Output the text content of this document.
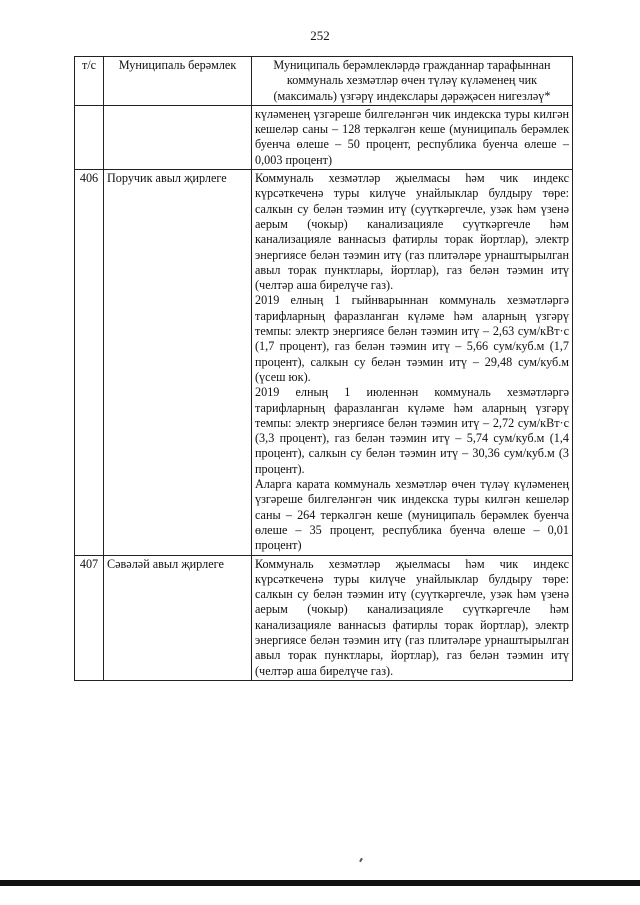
252
т/с	Муниципаль берәмлек	Муниципаль берәмлекләрдә гражданнар тарафыннан коммуналь хезмәтләр өчен түләү күләменең чик (максималь) үзгәрү индекслары дәрәҗәсен нигезләү*

		күләменең үзгәреше билгеләнгән чик индекска туры килгән кешеләр саны – 128 теркәлгән кеше (муниципаль берәмлек буенча өлеше – 50 процент, республика буенча өлеше – 0,003 процент)

406	Поручик авыл җирлеге	Коммуналь хезмәтләр җыелмасы һәм чик индекс күрсәткеченә туры килүче унайлыклар булдыру төре: салкын су белән тәэмин итү (суүткәргечле, узәк һәм үзенә аерым (чокыр) канализацияле суүткәргечле һәм канализацияле ваннасыз фатирлы торак йортлар), электр энергиясе белән тәэмин итү (газ плитәләре урнаштырылган авыл торак пунктлары, йортлар), газ белән тәэмин итү (челтәр аша бирелүче газ).

2019 елның 1 гыйнварыннан коммуналь хезмәтләргә тарифларның фаразланган күләме һәм аларның үзгәрү темпы: электр энергиясе белән тәэмин итү – 2,63 сум/кВт·с (1,7 процент), газ белән тәэмин итү – 5,66 сум/куб.м (1,7 процент), салкын су белән тәэмин итү – 29,48 сум/куб.м (үсеш юк).

2019 елның 1 июленнән коммуналь хезмәтләргә тарифларның фаразланган күләме һәм аларның үзгәрү темпы: электр энергиясе белән тәэмин итү – 2,72 сум/кВт·с (3,3 процент), газ белән тәэмин итү – 5,74 сум/куб.м (1,4 процент), салкын су белән тәэмин итү – 30,36 сум/куб.м (3 процент).

Аларга карата коммуналь хезмәтләр өчен түләү күләменең үзгәреше билгеләнгән чик индекска туры килгән кешеләр саны – 264 теркәлгән кеше (муниципаль берәмлек буенча өлеше – 35 процент, республика буенча өлеше – 0,01 процент)

407	Сәвәләй авыл җирлеге	Коммуналь хезмәтләр җыелмасы һәм чик индекс күрсәткеченә туры килүче унайлыклар булдыру төре: салкын су белән тәэмин итү (суүткәргечле, узәк һәм үзенә аерым (чокыр) канализацияле суүткәргечле һәм канализацияле ваннасыз фатирлы торак йортлар), электр энергиясе белән тәэмин итү (газ плитәләре урнаштырылган авыл торак пунктлары, йортлар), газ белән тәэмин итү (челтәр аша бирелүче газ).
